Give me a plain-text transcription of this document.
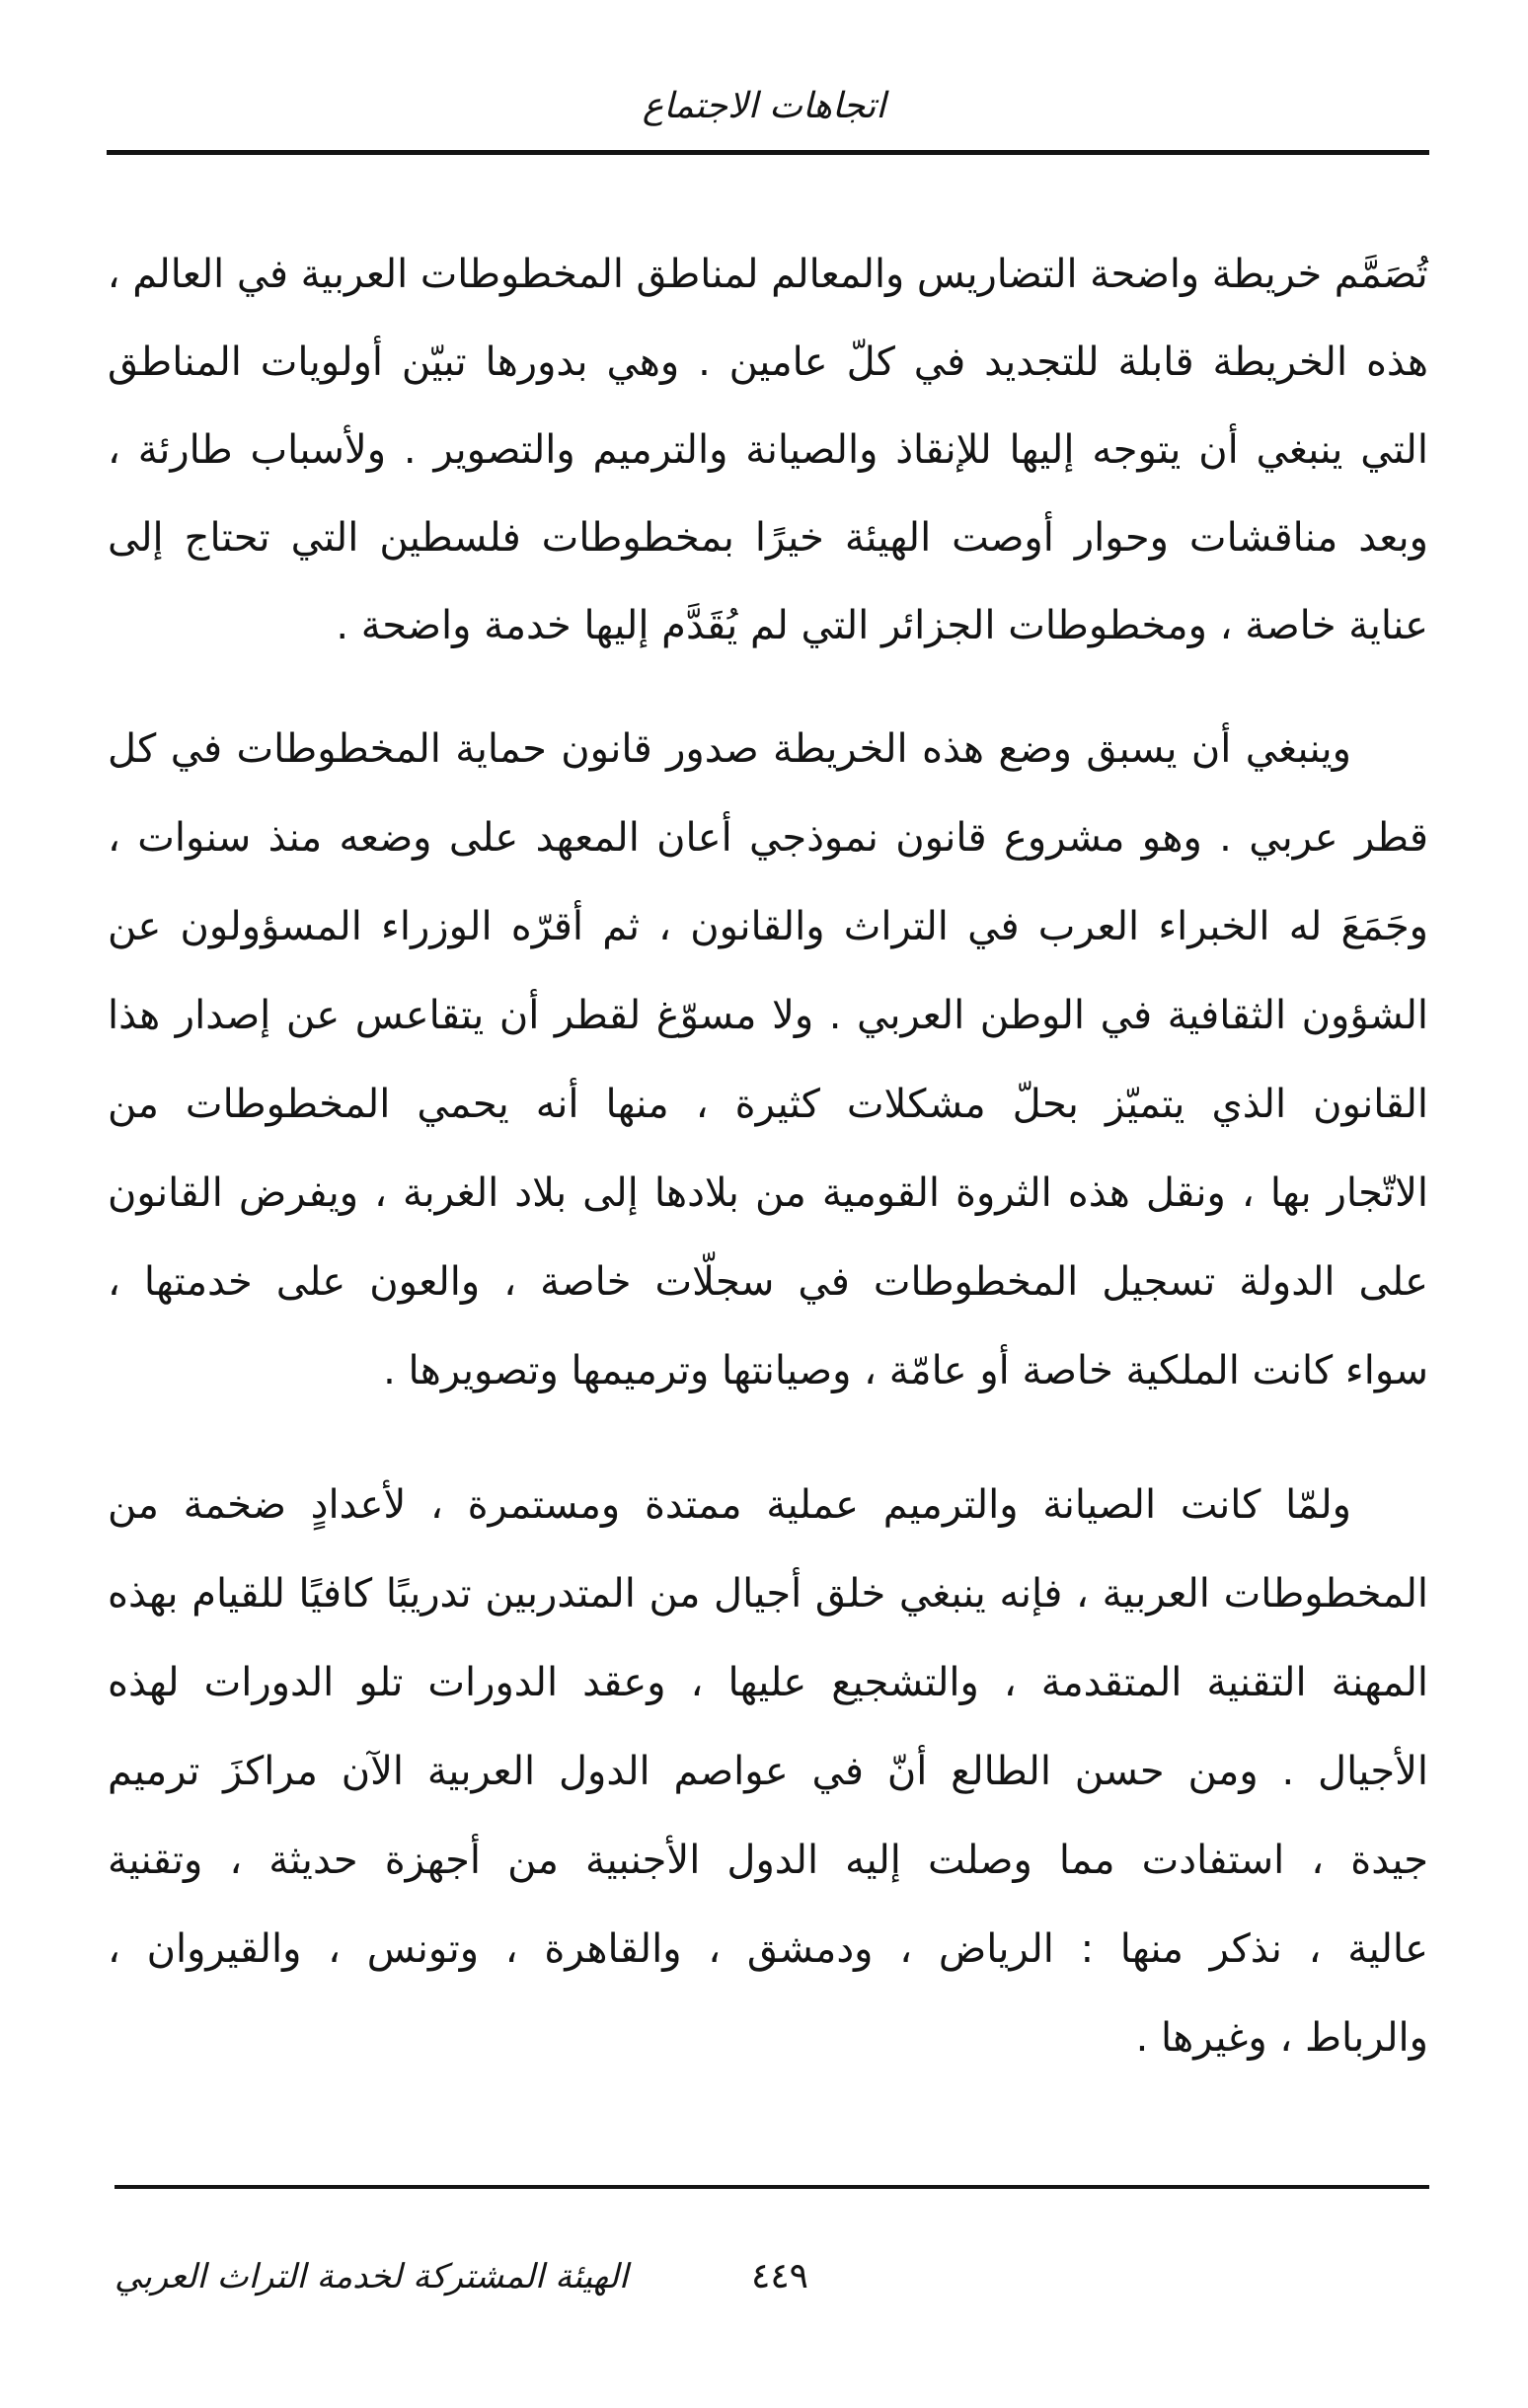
اتجاهات الاجتماع
تُصَمَّم خريطة واضحة التضاريس والمعالم لمناطق المخطوطات العربية في العالم ،
هذه الخريطة قابلة للتجديد في كلّ عامين . وهي بدورها تبيّن أولويات المناطق
التي ينبغي أن يتوجه إليها للإنقاذ والصيانة والترميم والتصوير . ولأسباب طارئة ،
وبعد مناقشات وحوار أوصت الهيئة خيرًا بمخطوطات فلسطين التي تحتاج إلى
عناية خاصة ، ومخطوطات الجزائر التي لم يُقَدَّم إليها خدمة واضحة .
وينبغي أن يسبق وضع هذه الخريطة صدور قانون حماية المخطوطات في كل
قطر عربي . وهو مشروع قانون نموذجي أعان المعهد على وضعه منذ سنوات ،
وجَمَعَ له الخبراء العرب في التراث والقانون ، ثم أقرّه الوزراء المسؤولون عن
الشؤون الثقافية في الوطن العربي . ولا مسوّغ لقطر أن يتقاعس عن إصدار هذا
القانون الذي يتميّز بحلّ مشكلات كثيرة ، منها أنه يحمي المخطوطات من
الاتّجار بها ، ونقل هذه الثروة القومية من بلادها إلى بلاد الغربة ، ويفرض القانون
على الدولة تسجيل المخطوطات في سجلّات خاصة ، والعون على خدمتها ،
سواء كانت الملكية خاصة أو عامّة ، وصيانتها وترميمها وتصويرها .
ولمّا كانت الصيانة والترميم عملية ممتدة ومستمرة ، لأعدادٍ ضخمة من
المخطوطات العربية ، فإنه ينبغي خلق أجيال من المتدربين تدريبًا كافيًا للقيام بهذه
المهنة التقنية المتقدمة ، والتشجيع عليها ، وعقد الدورات تلو الدورات لهذه
الأجيال . ومن حسن الطالع أنّ في عواصم الدول العربية الآن مراكزَ ترميم
جيدة ، استفادت مما وصلت إليه الدول الأجنبية من أجهزة حديثة ، وتقنية
عالية ، نذكر منها : الرياض ، ودمشق ، والقاهرة ، وتونس ، والقيروان ،
والرباط ، وغيرها .
الهيئة المشتركة لخدمة التراث العربي	٤٤٩
